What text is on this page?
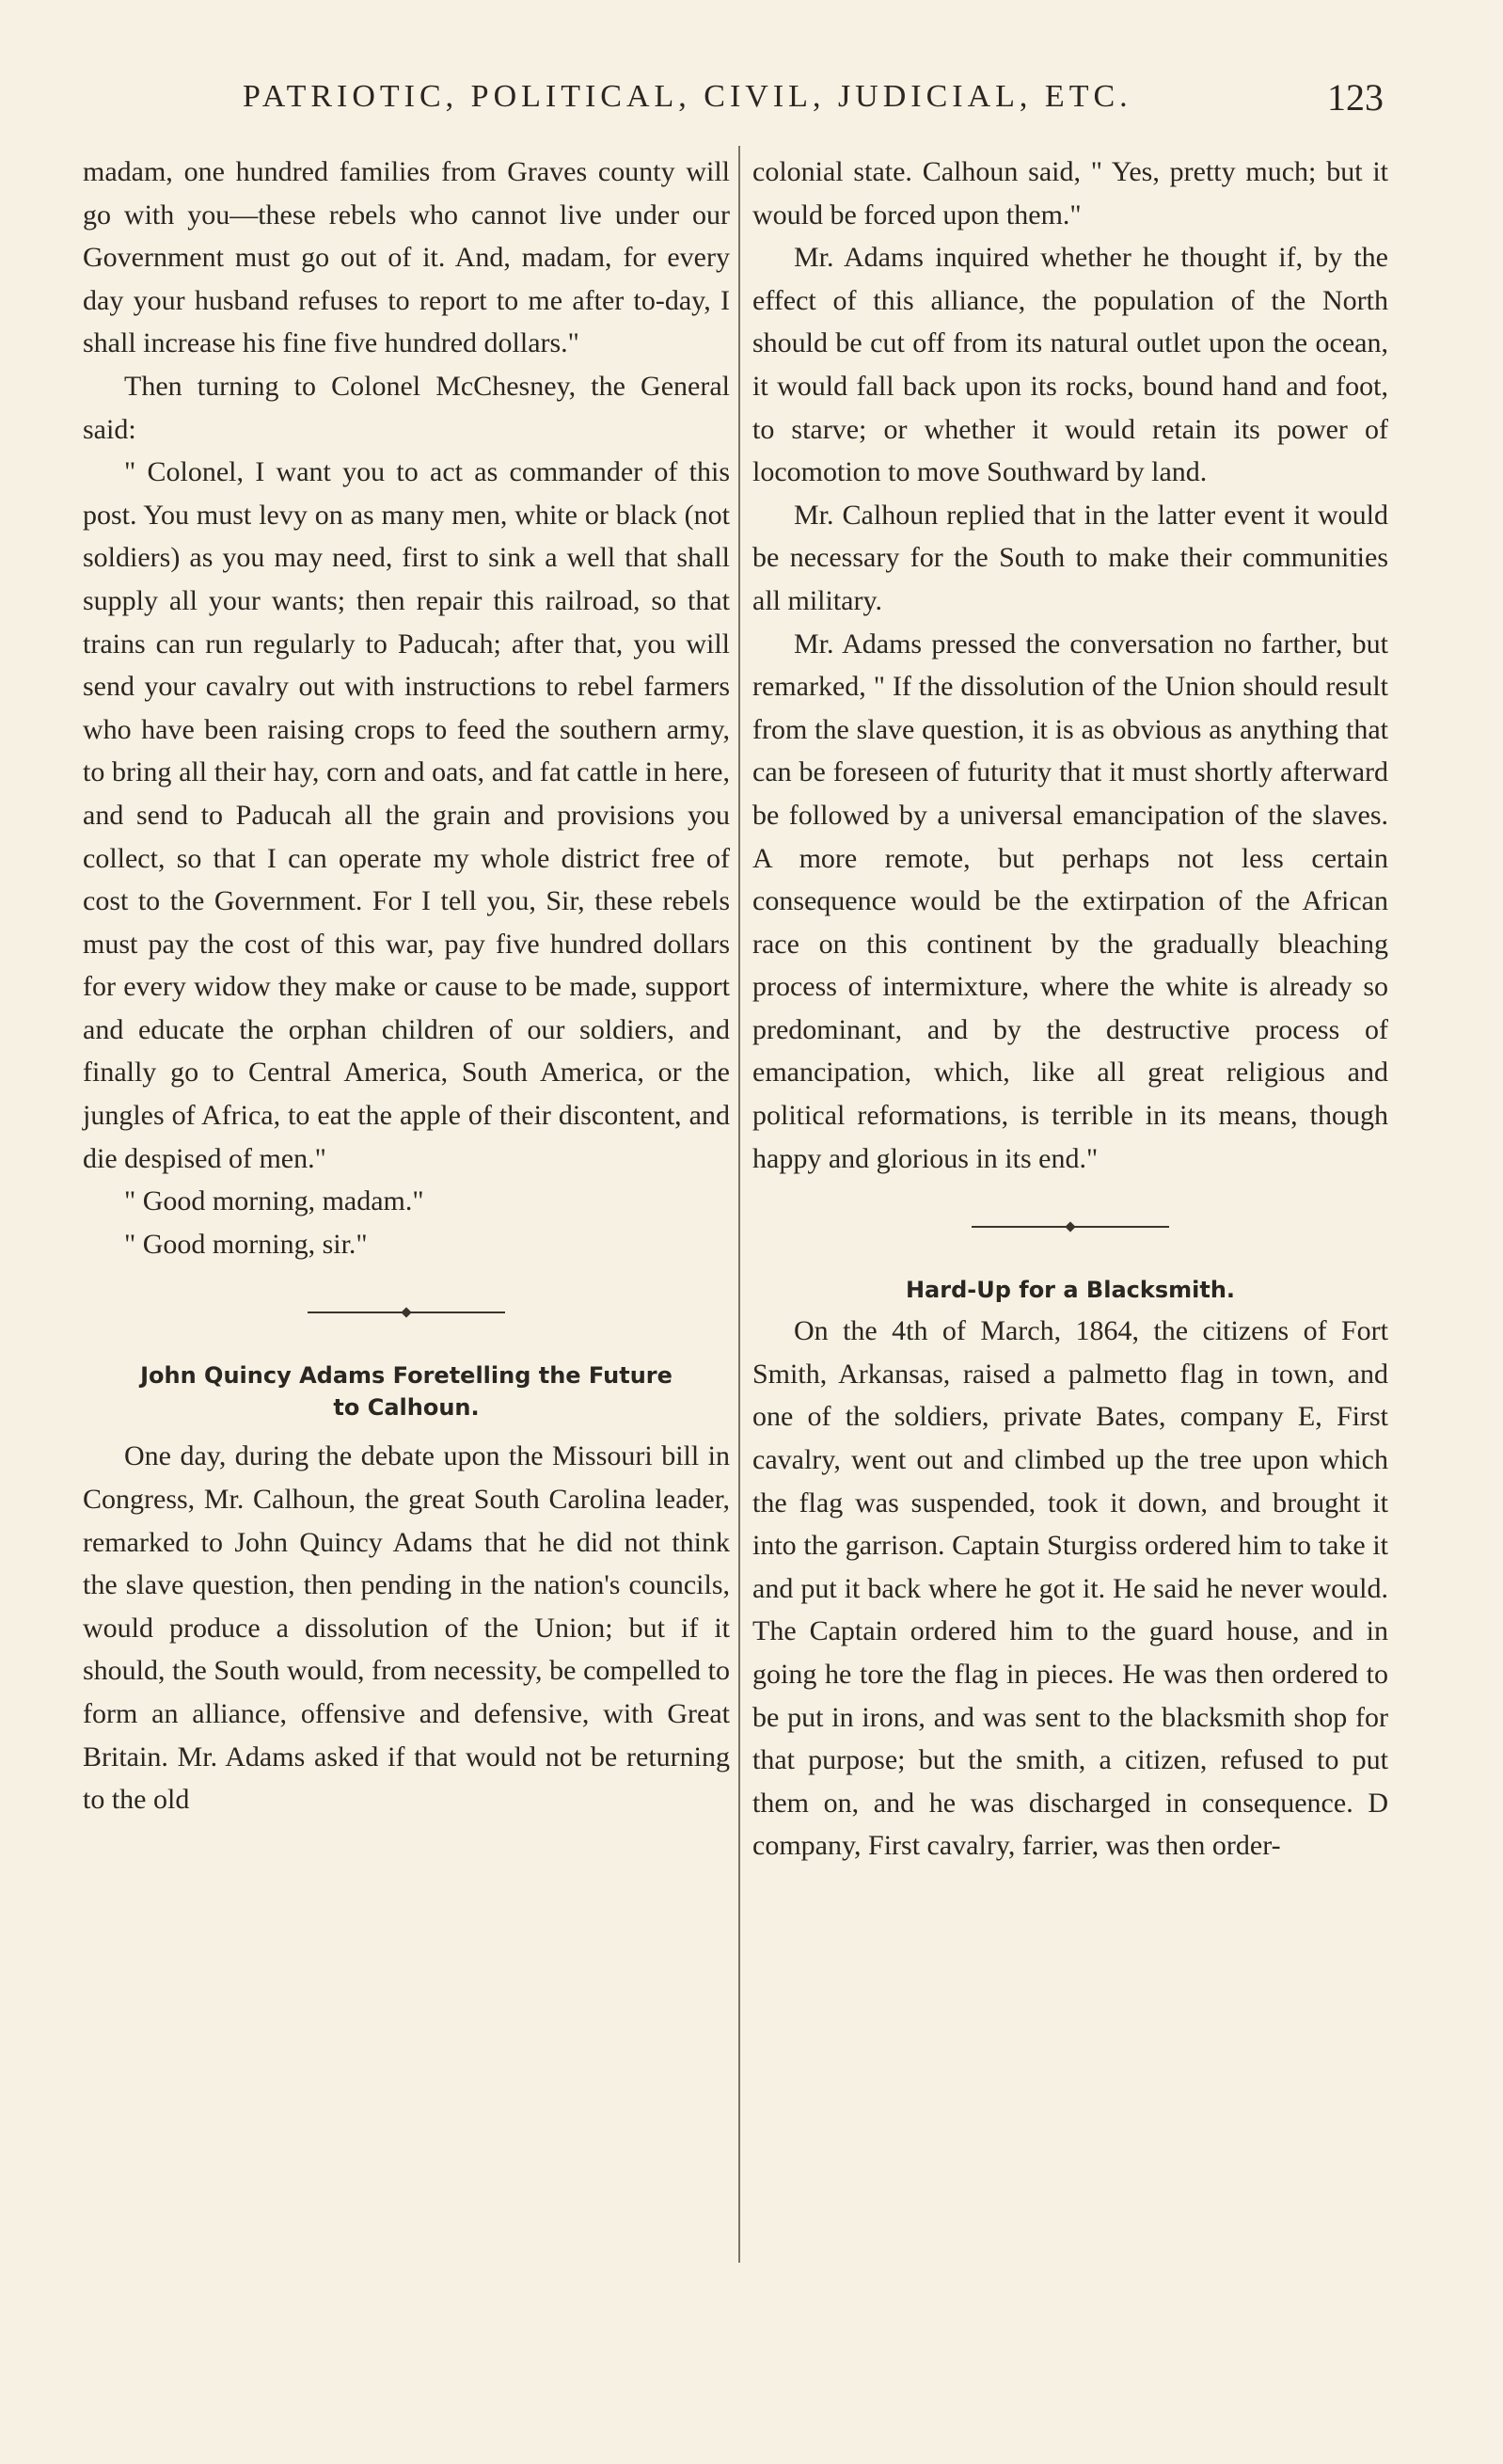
PATRIOTIC, POLITICAL, CIVIL, JUDICIAL, ETC.	123

madam, one hundred families from Graves county will go with you—these rebels who cannot live under our Government must go out of it. And, madam, for every day your husband refuses to report to me after to-day, I shall increase his fine five hundred dollars."

Then turning to Colonel McChesney, the General said:

" Colonel, I want you to act as commander of this post. You must levy on as many men, white or black (not soldiers) as you may need, first to sink a well that shall supply all your wants; then repair this railroad, so that trains can run regularly to Paducah; after that, you will send your cavalry out with instructions to rebel farmers who have been raising crops to feed the southern army, to bring all their hay, corn and oats, and fat cattle in here, and send to Paducah all the grain and provisions you collect, so that I can operate my whole district free of cost to the Government. For I tell you, Sir, these rebels must pay the cost of this war, pay five hundred dollars for every widow they make or cause to be made, support and educate the orphan children of our soldiers, and finally go to Central America, South America, or the jungles of Africa, to eat the apple of their discontent, and die despised of men."

" Good morning, madam."

" Good morning, sir."

John Quincy Adams Foretelling the Future
to Calhoun.

One day, during the debate upon the Missouri bill in Congress, Mr. Calhoun, the great South Carolina leader, remarked to John Quincy Adams that he did not think the slave question, then pending in the nation's councils, would produce a dissolution of the Union; but if it should, the South would, from necessity, be compelled to form an alliance, offensive and defensive, with Great Britain. Mr. Adams asked if that would not be returning to the old

colonial state. Calhoun said, " Yes, pretty much; but it would be forced upon them."

Mr. Adams inquired whether he thought if, by the effect of this alliance, the population of the North should be cut off from its natural outlet upon the ocean, it would fall back upon its rocks, bound hand and foot, to starve; or whether it would retain its power of locomotion to move Southward by land.

Mr. Calhoun replied that in the latter event it would be necessary for the South to make their communities all military.

Mr. Adams pressed the conversation no farther, but remarked, " If the dissolution of the Union should result from the slave question, it is as obvious as anything that can be foreseen of futurity that it must shortly afterward be followed by a universal emancipation of the slaves. A more remote, but perhaps not less certain consequence would be the extirpation of the African race on this continent by the gradually bleaching process of intermixture, where the white is already so predominant, and by the destructive process of emancipation, which, like all great religious and political reformations, is terrible in its means, though happy and glorious in its end."

Hard-Up for a Blacksmith.

On the 4th of March, 1864, the citizens of Fort Smith, Arkansas, raised a palmetto flag in town, and one of the soldiers, private Bates, company E, First cavalry, went out and climbed up the tree upon which the flag was suspended, took it down, and brought it into the garrison. Captain Sturgiss ordered him to take it and put it back where he got it. He said he never would. The Captain ordered him to the guard house, and in going he tore the flag in pieces. He was then ordered to be put in irons, and was sent to the blacksmith shop for that purpose; but the smith, a citizen, refused to put them on, and he was discharged in consequence. D company, First cavalry, farrier, was then order-
